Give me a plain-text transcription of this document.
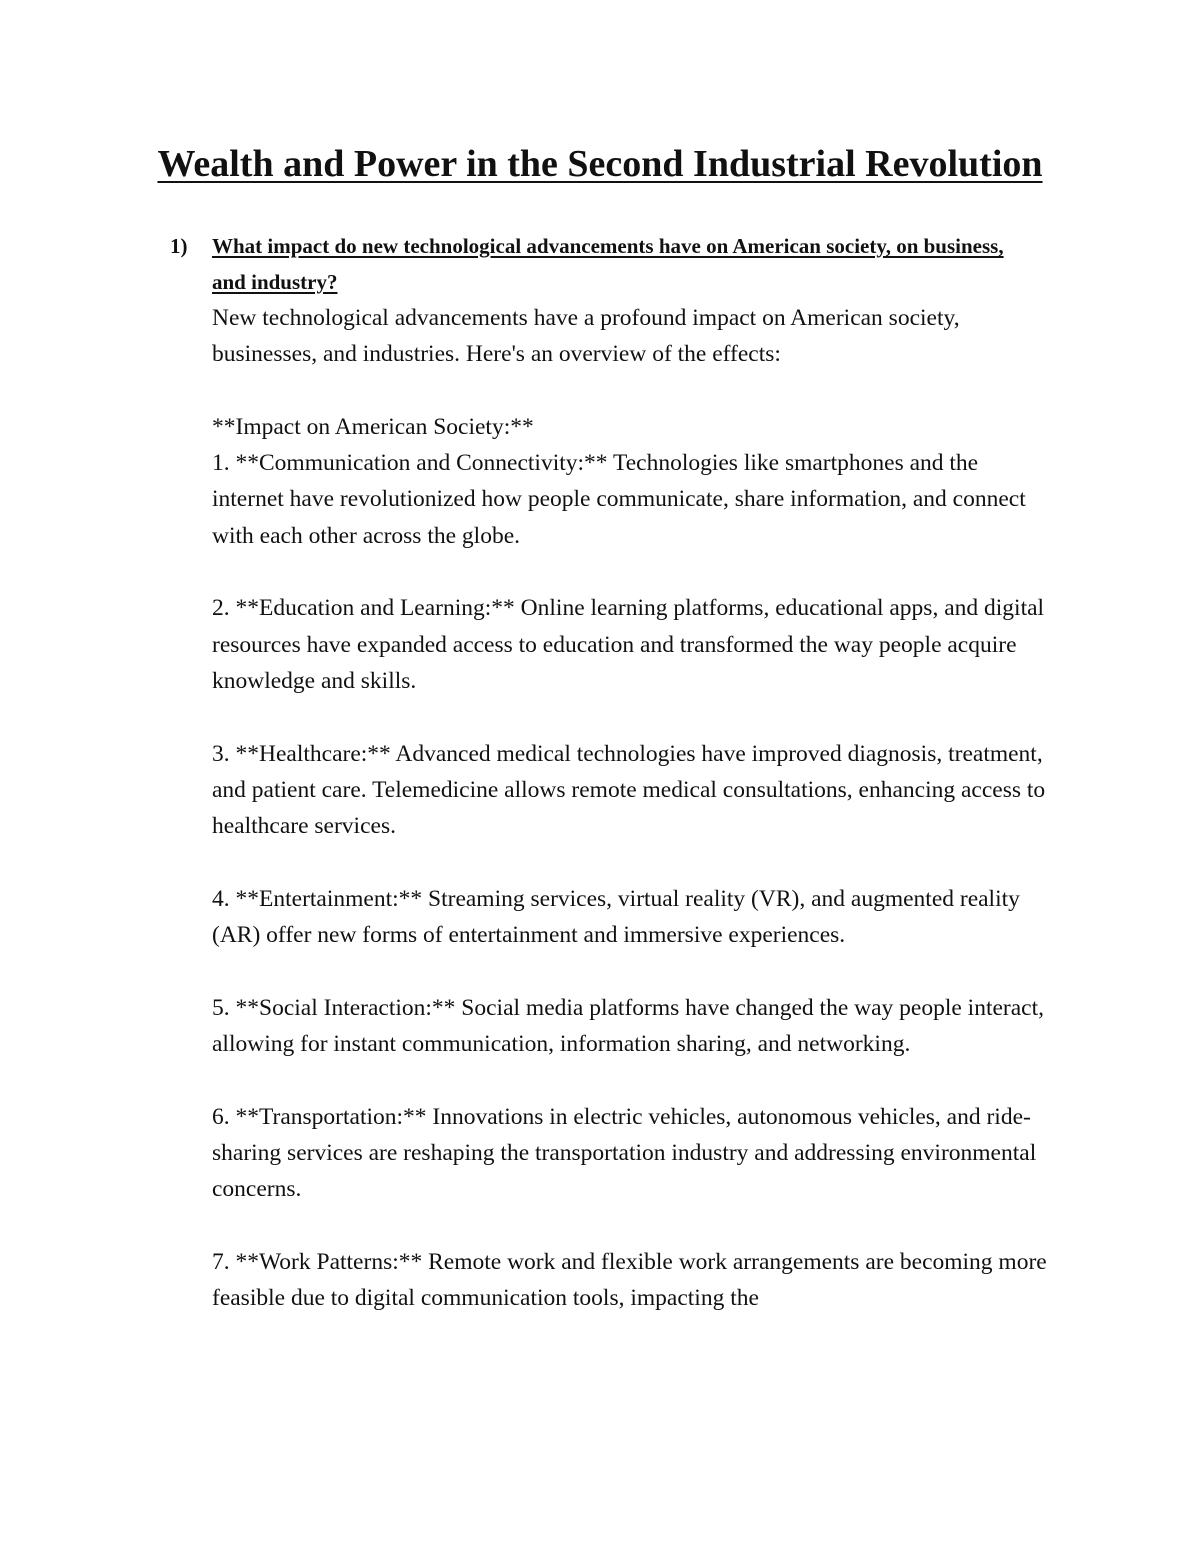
Wealth and Power in the Second Industrial Revolution
1) What impact do new technological advancements have on American society, on business, and industry?

New technological advancements have a profound impact on American society, businesses, and industries. Here's an overview of the effects:

**Impact on American Society:**

1. **Communication and Connectivity:** Technologies like smartphones and the internet have revolutionized how people communicate, share information, and connect with each other across the globe.

2. **Education and Learning:** Online learning platforms, educational apps, and digital resources have expanded access to education and transformed the way people acquire knowledge and skills.

3. **Healthcare:** Advanced medical technologies have improved diagnosis, treatment, and patient care. Telemedicine allows remote medical consultations, enhancing access to healthcare services.

4. **Entertainment:** Streaming services, virtual reality (VR), and augmented reality (AR) offer new forms of entertainment and immersive experiences.

5. **Social Interaction:** Social media platforms have changed the way people interact, allowing for instant communication, information sharing, and networking.

6. **Transportation:** Innovations in electric vehicles, autonomous vehicles, and ride-sharing services are reshaping the transportation industry and addressing environmental concerns.

7. **Work Patterns:** Remote work and flexible work arrangements are becoming more feasible due to digital communication tools, impacting the
